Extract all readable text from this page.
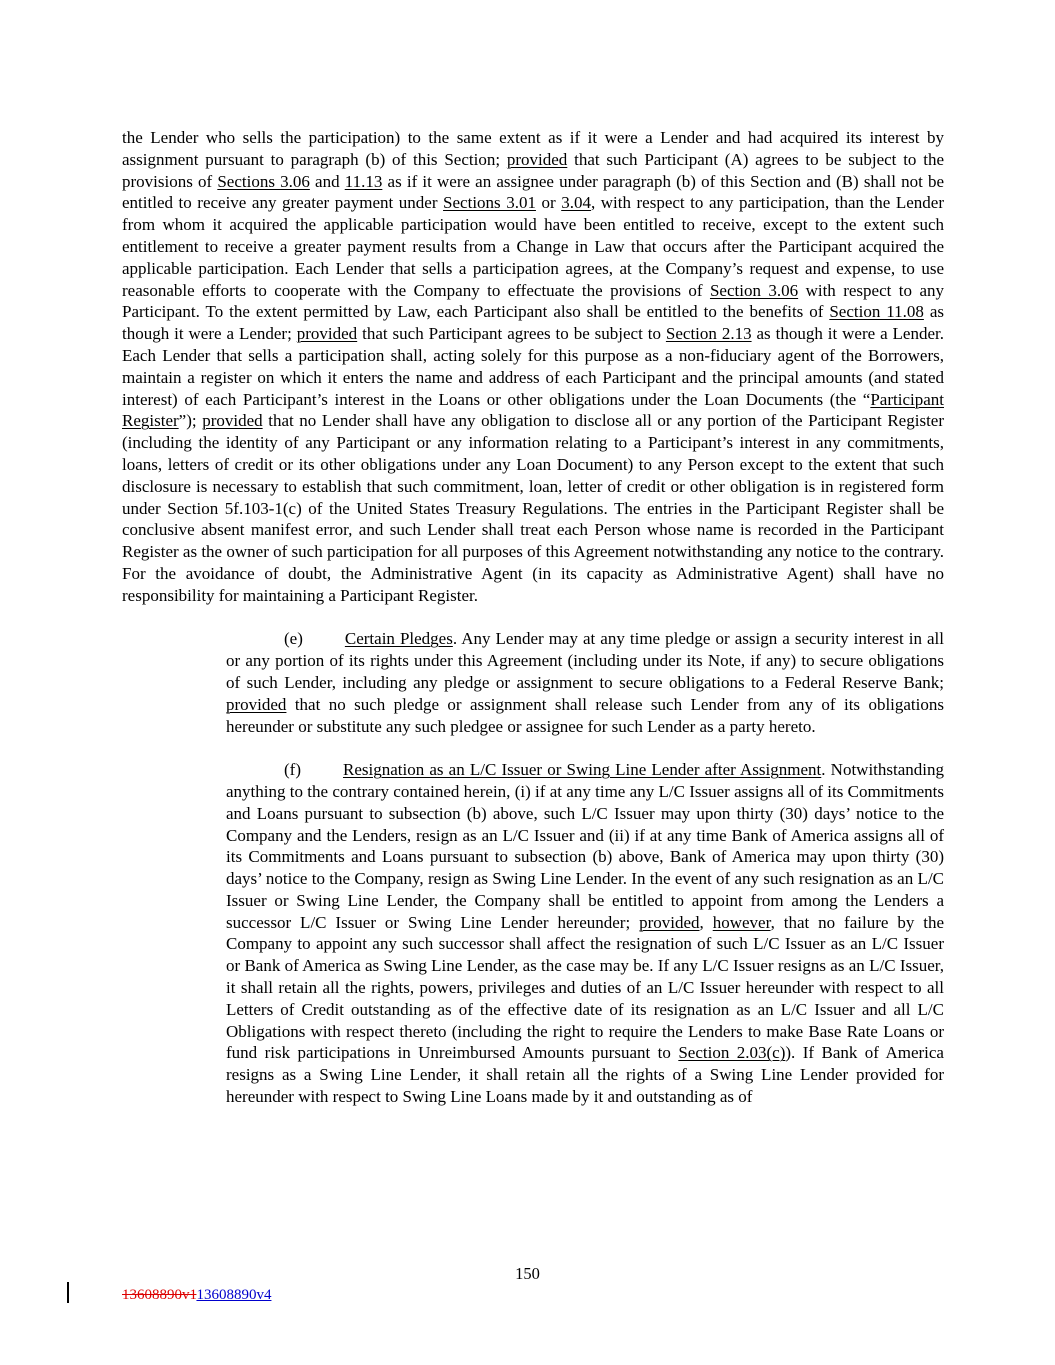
the Lender who sells the participation) to the same extent as if it were a Lender and had acquired its interest by assignment pursuant to paragraph (b) of this Section; provided that such Participant (A) agrees to be subject to the provisions of Sections 3.06 and 11.13 as if it were an assignee under paragraph (b) of this Section and (B) shall not be entitled to receive any greater payment under Sections 3.01 or 3.04, with respect to any participation, than the Lender from whom it acquired the applicable participation would have been entitled to receive, except to the extent such entitlement to receive a greater payment results from a Change in Law that occurs after the Participant acquired the applicable participation. Each Lender that sells a participation agrees, at the Company’s request and expense, to use reasonable efforts to cooperate with the Company to effectuate the provisions of Section 3.06 with respect to any Participant. To the extent permitted by Law, each Participant also shall be entitled to the benefits of Section 11.08 as though it were a Lender; provided that such Participant agrees to be subject to Section 2.13 as though it were a Lender. Each Lender that sells a participation shall, acting solely for this purpose as a non-fiduciary agent of the Borrowers, maintain a register on which it enters the name and address of each Participant and the principal amounts (and stated interest) of each Participant’s interest in the Loans or other obligations under the Loan Documents (the “Participant Register”); provided that no Lender shall have any obligation to disclose all or any portion of the Participant Register (including the identity of any Participant or any information relating to a Participant’s interest in any commitments, loans, letters of credit or its other obligations under any Loan Document) to any Person except to the extent that such disclosure is necessary to establish that such commitment, loan, letter of credit or other obligation is in registered form under Section 5f.103-1(c) of the United States Treasury Regulations. The entries in the Participant Register shall be conclusive absent manifest error, and such Lender shall treat each Person whose name is recorded in the Participant Register as the owner of such participation for all purposes of this Agreement notwithstanding any notice to the contrary. For the avoidance of doubt, the Administrative Agent (in its capacity as Administrative Agent) shall have no responsibility for maintaining a Participant Register.

(e) Certain Pledges. Any Lender may at any time pledge or assign a security interest in all or any portion of its rights under this Agreement (including under its Note, if any) to secure obligations of such Lender, including any pledge or assignment to secure obligations to a Federal Reserve Bank; provided that no such pledge or assignment shall release such Lender from any of its obligations hereunder or substitute any such pledgee or assignee for such Lender as a party hereto.

(f) Resignation as an L/C Issuer or Swing Line Lender after Assignment. Notwithstanding anything to the contrary contained herein, (i) if at any time any L/C Issuer assigns all of its Commitments and Loans pursuant to subsection (b) above, such L/C Issuer may upon thirty (30) days’ notice to the Company and the Lenders, resign as an L/C Issuer and (ii) if at any time Bank of America assigns all of its Commitments and Loans pursuant to subsection (b) above, Bank of America may upon thirty (30) days’ notice to the Company, resign as Swing Line Lender. In the event of any such resignation as an L/C Issuer or Swing Line Lender, the Company shall be entitled to appoint from among the Lenders a successor L/C Issuer or Swing Line Lender hereunder; provided, however, that no failure by the Company to appoint any such successor shall affect the resignation of such L/C Issuer as an L/C Issuer or Bank of America as Swing Line Lender, as the case may be. If any L/C Issuer resigns as an L/C Issuer, it shall retain all the rights, powers, privileges and duties of an L/C Issuer hereunder with respect to all Letters of Credit outstanding as of the effective date of its resignation as an L/C Issuer and all L/C Obligations with respect thereto (including the right to require the Lenders to make Base Rate Loans or fund risk participations in Unreimbursed Amounts pursuant to Section 2.03(c)). If Bank of America resigns as a Swing Line Lender, it shall retain all the rights of a Swing Line Lender provided for hereunder with respect to Swing Line Loans made by it and outstanding as of

150
13608890v113608890v4
